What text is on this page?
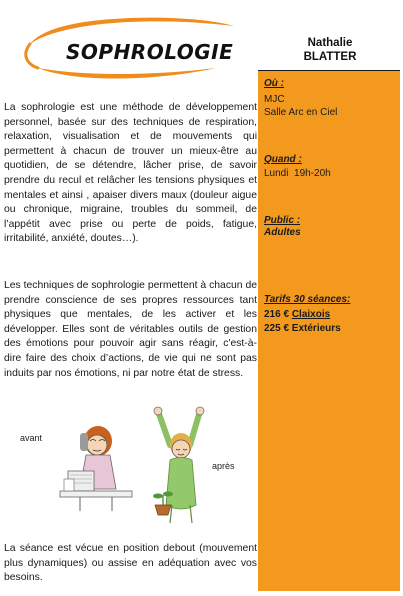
SOPHROLOGIE

La sophrologie est une méthode de développement personnel, basée sur des techniques de respiration, relaxation, visualisation et de mouvements qui permettent à chacun de trouver un mieux-être au quotidien, de se détendre, lâcher prise, de savoir prendre du recul et relâcher les tensions physiques et mentales et ainsi , apaiser divers maux (douleur aigue ou chronique, migraine, troubles du sommeil, de l’appétit avec prise ou perte de poids, fatigue, irritabilité, anxiété, doutes…).

Les techniques de sophrologie permettent à chacun de prendre conscience de ses propres ressources tant physiques que mentales, de les activer et les développer. Elles sont de véritables outils de gestion des émotions pour pouvoir agir sans réagir, c'est-à-dire faire des choix d’actions, de vie qui ne sont pas induits par nos émotions, ni par notre état de stress.

avant
après

La séance est vécue en position debout (mouvement plus dynamiques) ou assise en adéquation avec vos besoins.

Nathalie
BLATTER
Où :
MJC
Salle Arc en Ciel
Quand :
Lundi  19h-20h
Public :
Adultes
Tarifs 30 séances:
216 € Claixois
225 € Extérieurs
